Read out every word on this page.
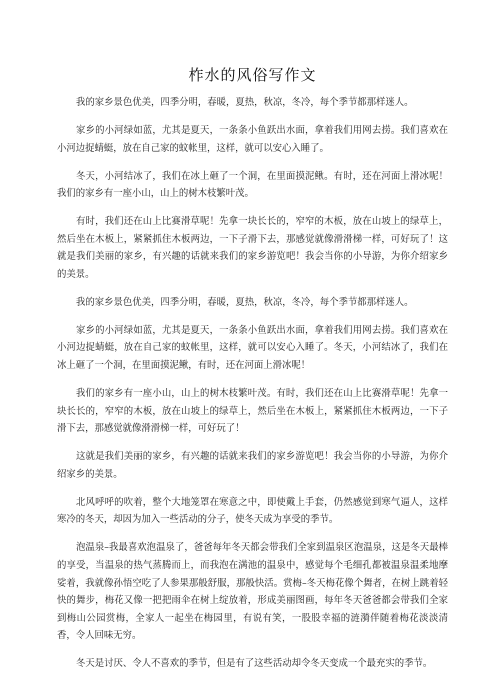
柞水的风俗写作文
我的家乡景色优美，四季分明，春暖，夏热，秋凉，冬冷，每个季节都那样迷人。
家乡的小河绿如蓝，尤其是夏天，一条条小鱼跃出水面，拿着我们用网去捞。我们喜欢在小河边捉蜻蜓，放在自己家的蚊帐里，这样，就可以安心入睡了。
冬天，小河结冰了，我们在冰上砸了一个洞，在里面摸泥鳅。有时，还在河面上滑冰呢！我们的家乡有一座小山，山上的树木枝繁叶茂。
有时，我们还在山上比赛滑草呢！先拿一块长长的，窄窄的木板，放在山坡上的绿草上，然后坐在木板上，紧紧抓住木板两边，一下子滑下去，那感觉就像滑滑梯一样，可好玩了！这就是我们美丽的家乡，有兴趣的话就来我们的家乡游览吧！我会当你的小导游，为你介绍家乡的美景。
我的家乡景色优美，四季分明，春暖，夏热，秋凉，冬冷，每个季节都那样迷人。
家乡的小河绿如蓝，尤其是夏天，一条条小鱼跃出水面，拿着我们用网去捞。我们喜欢在小河边捉蜻蜓，放在自己家的蚊帐里，这样，就可以安心入睡了。冬天，小河结冰了，我们在冰上砸了一个洞，在里面摸泥鳅，有时，还在河面上滑冰呢！
我们的家乡有一座小山，山上的树木枝繁叶茂。有时，我们还在山上比赛滑草呢！先拿一块长长的，窄窄的木板，放在山坡上的绿草上，然后坐在木板上，紧紧抓住木板两边，一下子滑下去，那感觉就像滑滑梯一样，可好玩了！
这就是我们美丽的家乡，有兴趣的话就来我们的家乡游览吧！我会当你的小导游，为你介绍家乡的美景。
北风呼呼的吹着，整个大地笼罩在寒意之中，即使戴上手套，仍然感觉到寒气逼人，这样寒冷的冬天，却因为加入一些活动的分子，使冬天成为享受的季节。
泡温泉–我最喜欢泡温泉了，爸爸每年冬天都会带我们全家到温泉区泡温泉，这是冬天最棒的享受，当温泉的热气蒸腾而上，而我泡在满池的温泉中，感觉每个毛细孔都被温泉温柔地摩娑着，我就像孙悟空吃了人参果那般舒服，那般快活。赏梅–冬天梅花像个舞者，在树上跳着轻快的舞步，梅花又像一把把雨伞在树上绽放着，形成美丽图画，每年冬天爸爸都会带我们全家到梅山公园赏梅，全家人一起坐在梅园里，有说有笑，一股股幸福的涟漪伴随着梅花淡淡清香，令人回味无穷。
冬天是讨厌、令人不喜欢的季节，但是有了这些活动却令冬天变成一个最充实的季节。
